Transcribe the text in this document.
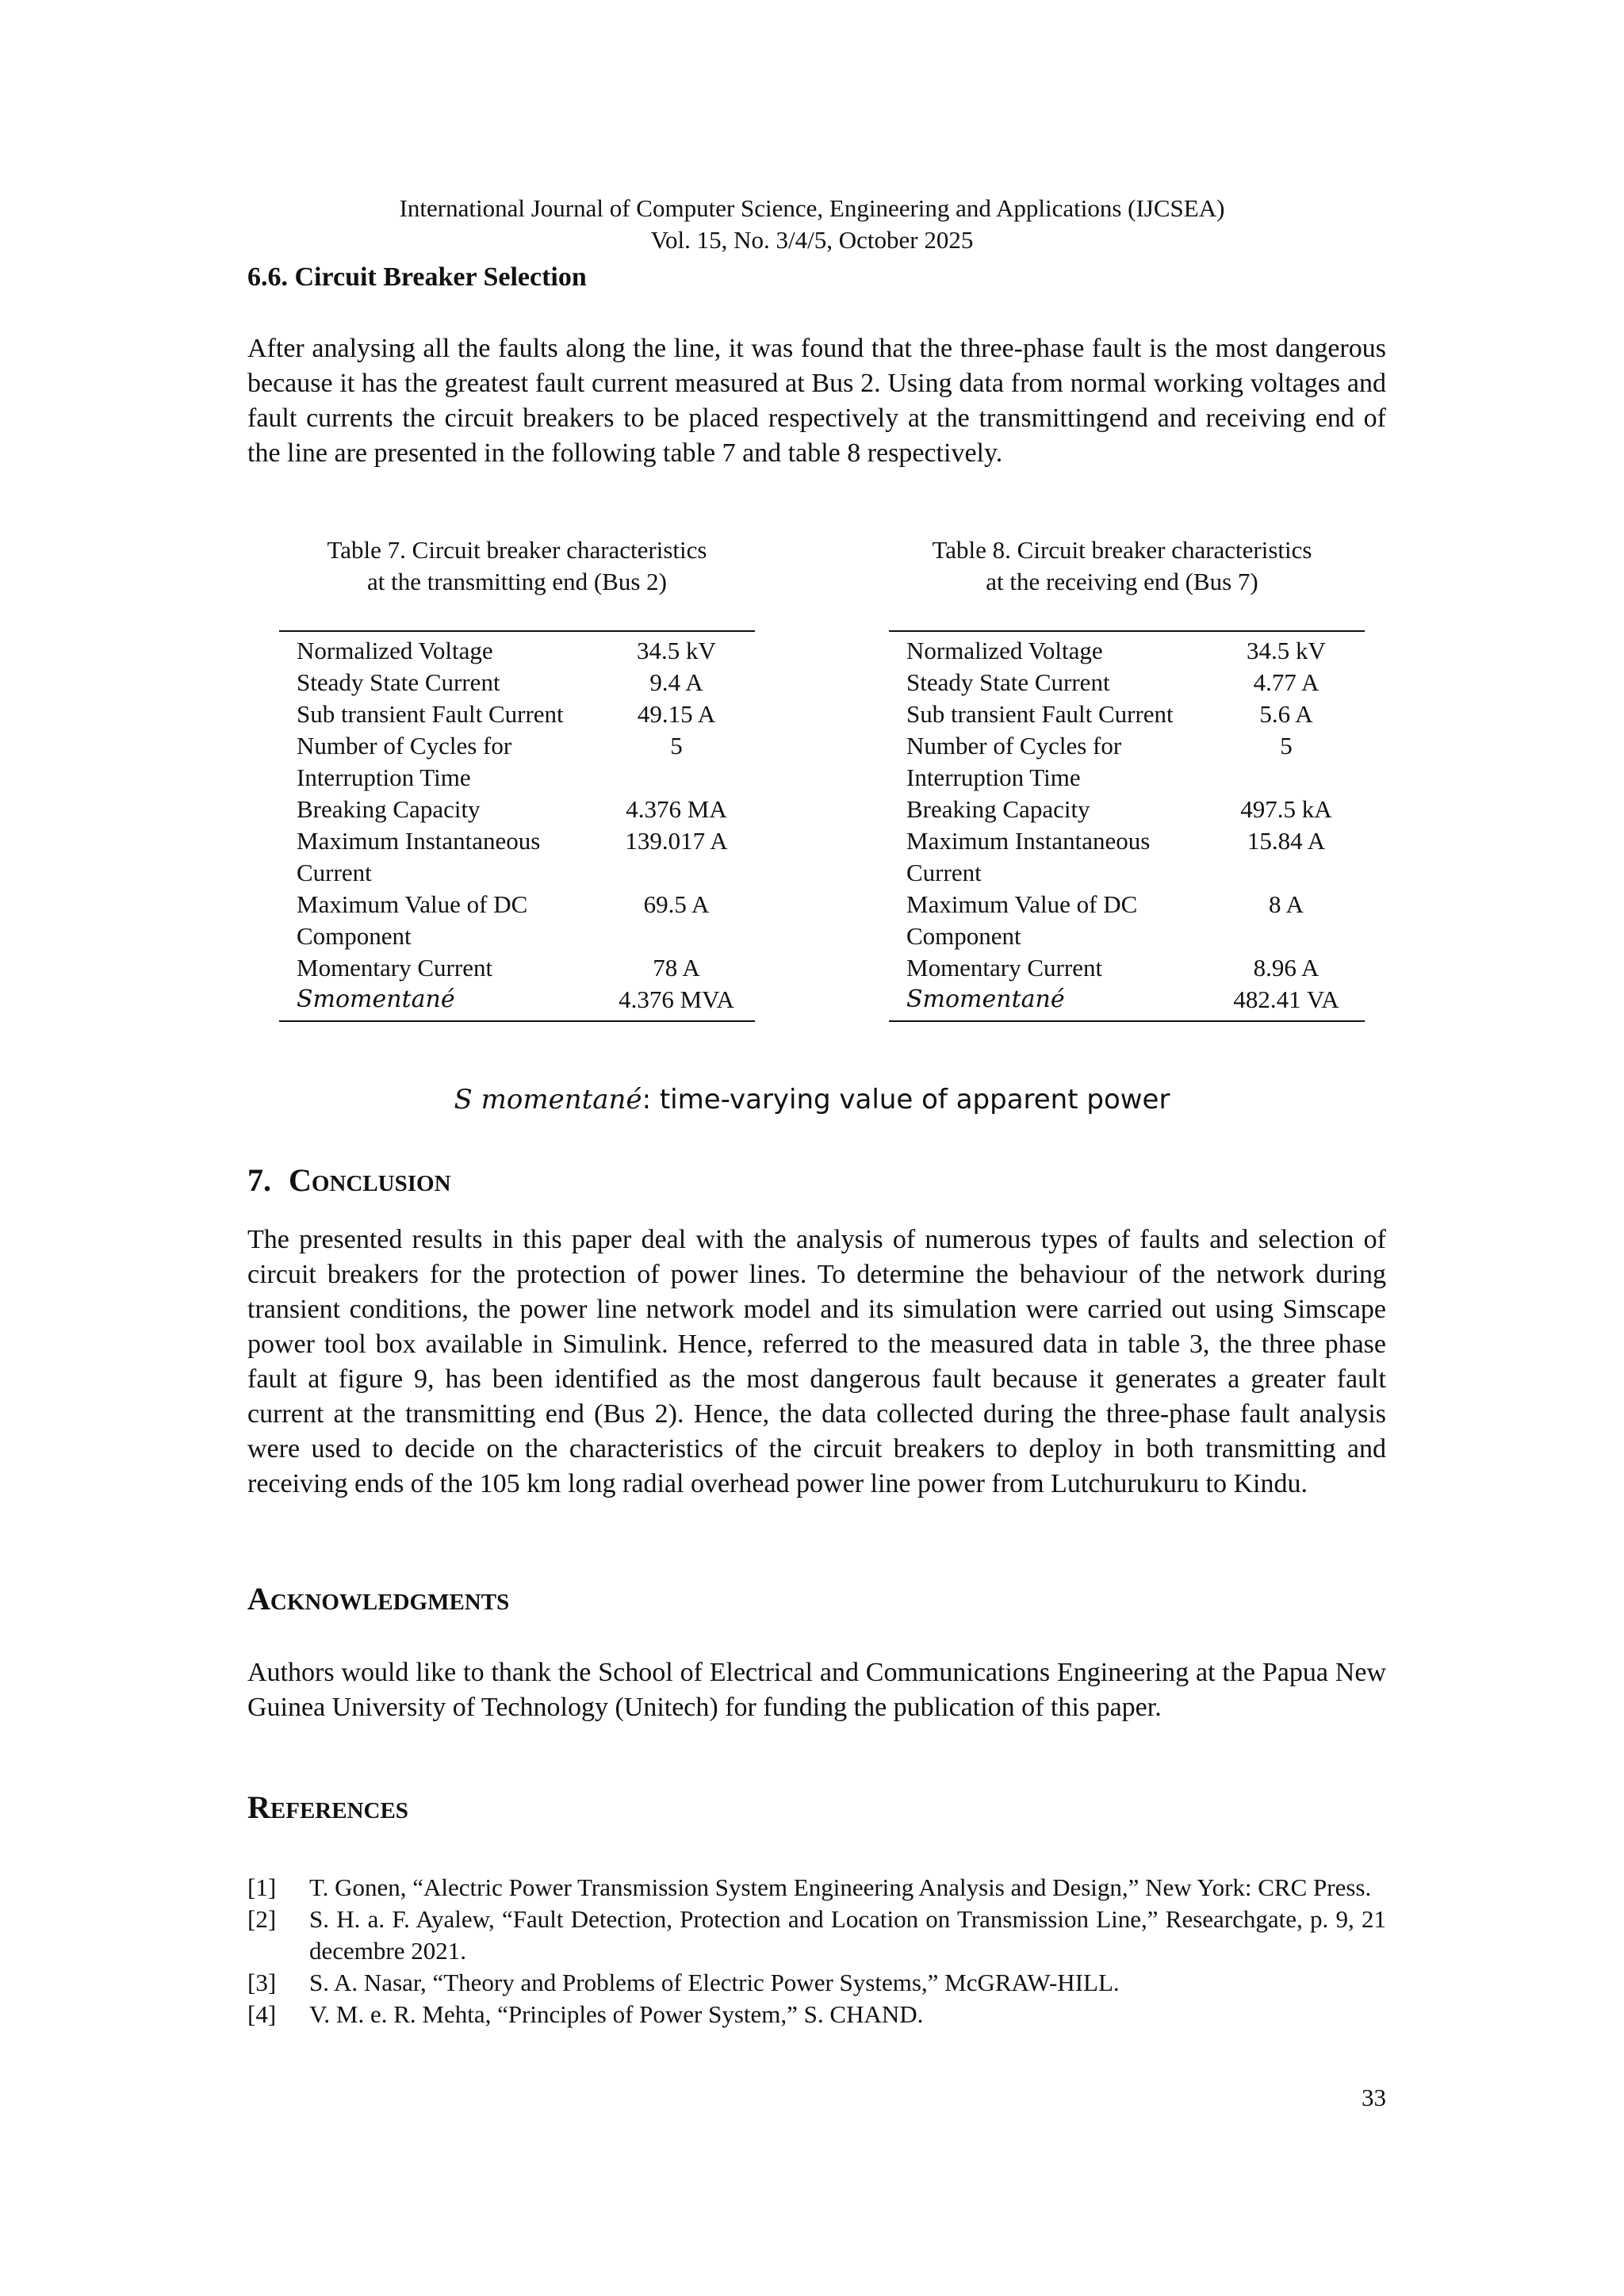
International Journal of Computer Science, Engineering and Applications (IJCSEA)
Vol. 15, No. 3/4/5, October 2025
6.6. Circuit Breaker Selection

After analysing all the faults along the line, it was found that the three-phase fault is the most dangerous because it has the greatest fault current measured at Bus 2. Using data from normal working voltages and fault currents the circuit breakers to be placed respectively at the transmittingend and receiving end of the line are presented in the following table 7 and table 8 respectively.

Table 7. Circuit breaker characteristics
at the transmitting end (Bus 2)
Normalized Voltage	34.5 kV
Steady State Current	9.4 A
Sub transient Fault Current	49.15 A
Number of Cycles for Interruption Time	5
Breaking Capacity	4.376 MA
Maximum Instantaneous Current	139.017 A
Maximum Value of DC Component	69.5 A
Momentary Current	78 A
𝑆𝑚𝑜𝑚𝑒𝑛𝑡𝑎𝑛é	4.376 MVA
Table 8. Circuit breaker characteristics
at the receiving end (Bus 7)
Normalized Voltage	34.5 kV
Steady State Current	4.77 A
Sub transient Fault Current	5.6 A
Number of Cycles for Interruption Time	5
Breaking Capacity	497.5 kA
Maximum Instantaneous Current	15.84 A
Maximum Value of DC Component	8 A
Momentary Current	8.96 A
𝑆𝑚𝑜𝑚𝑒𝑛𝑡𝑎𝑛é	482.41 VA
𝑆 𝑚𝑜𝑚𝑒𝑛𝑡𝑎𝑛é: time-varying value of apparent power
7. CONCLUSION

The presented results in this paper deal with the analysis of numerous types of faults and selection of circuit breakers for the protection of power lines. To determine the behaviour of the network during transient conditions, the power line network model and its simulation were carried out using Simscape power tool box available in Simulink. Hence, referred to the measured data in table 3, the three phase fault at figure 9, has been identified as the most dangerous fault because it generates a greater fault current at the transmitting end (Bus 2). Hence, the data collected during the three-phase fault analysis were used to decide on the characteristics of the circuit breakers to deploy in both transmitting and receiving ends of the 105 km long radial overhead power line power from Lutchurukuru to Kindu.

ACKNOWLEDGMENTS

Authors would like to thank the School of Electrical and Communications Engineering at the Papua New Guinea University of Technology (Unitech) for funding the publication of this paper.

REFERENCES
[1]	T. Gonen, “Alectric Power Transmission System Engineering Analysis and Design,” New York: CRC Press.
[2]	S. H. a. F. Ayalew, “Fault Detection, Protection and Location on Transmission Line,” Researchgate, p. 9, 21 decembre 2021.
[3]	S. A. Nasar, “Theory and Problems of Electric Power Systems,” McGRAW-HILL.
[4]	V. M. e. R. Mehta, “Principles of Power System,” S. CHAND.
33
